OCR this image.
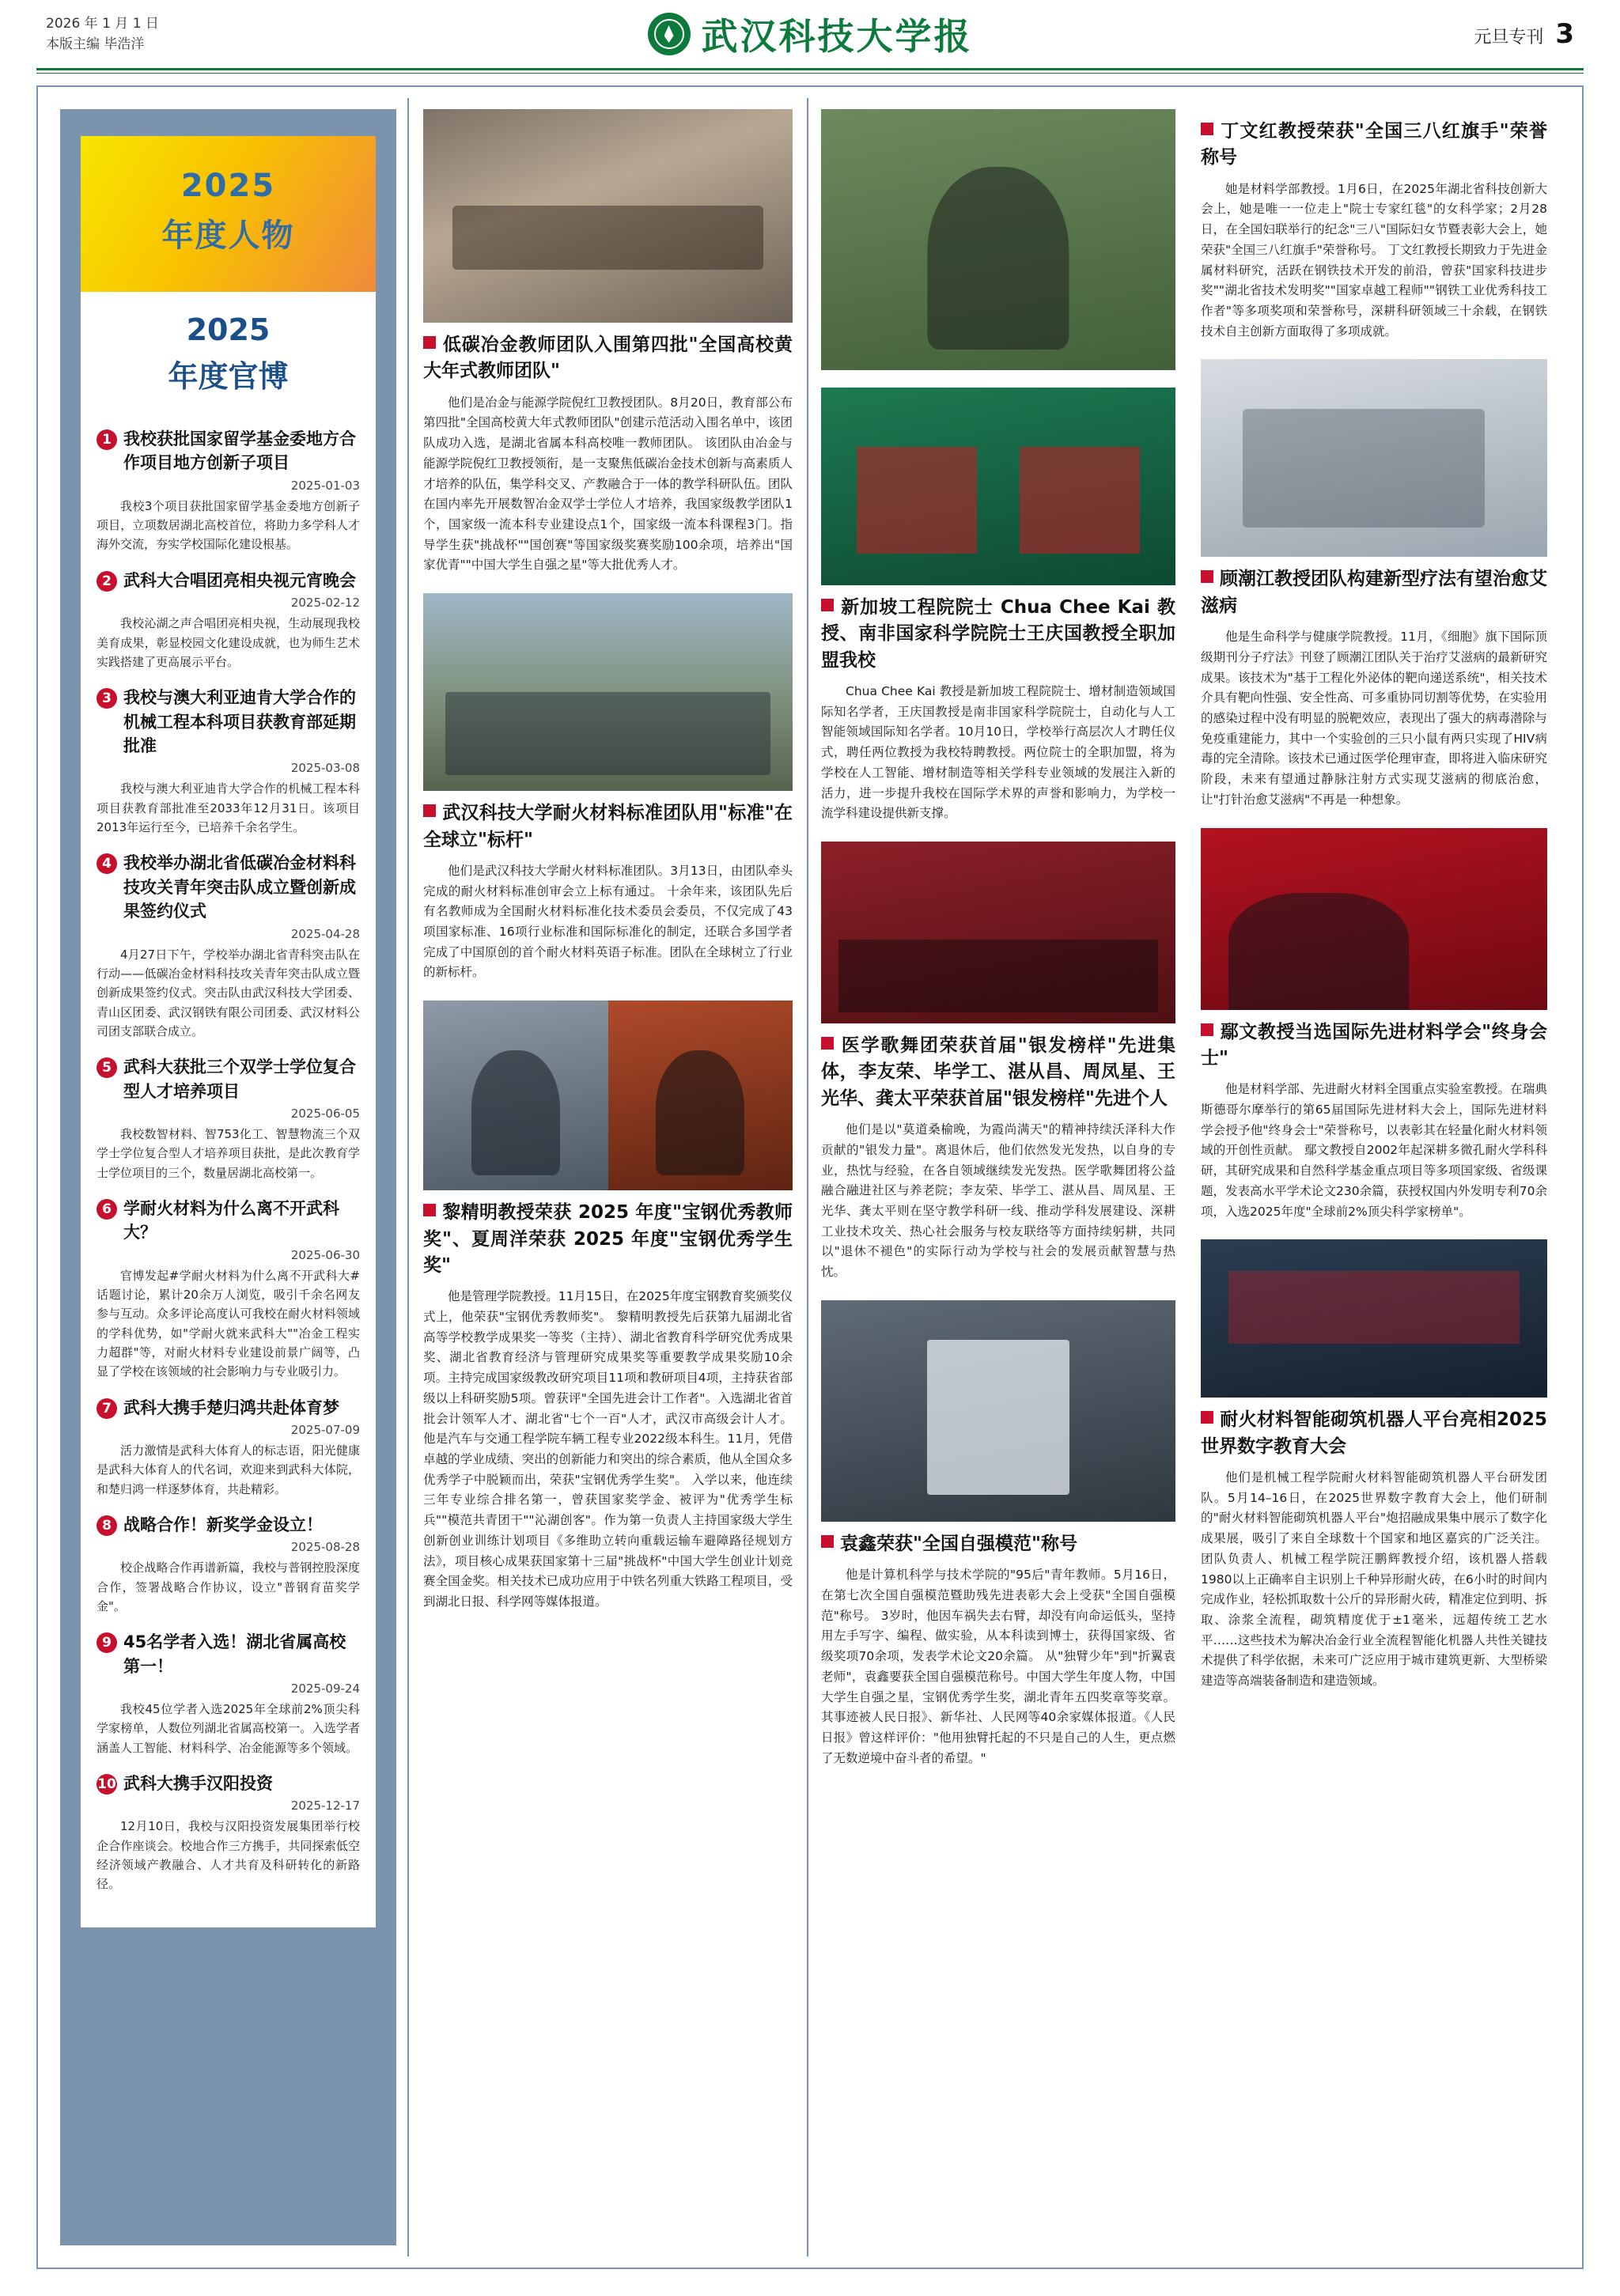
2026 年 1 月 1 日
本版主编 毕浩洋	武汉科技大学报	元旦专刊 3
2025
年度人物
2025
年度官博
1 我校获批国家留学基金委地方合作项目地方创新子项目
2025-01-03
我校3个项目获批国家留学基金委地方创新子项目，立项数居湖北高校首位，将助力多学科人才海外交流，夯实学校国际化建设根基。
2 武科大合唱团亮相央视元宵晚会
2025-02-12
我校沁湖之声合唱团亮相央视，生动展现我校美育成果，彰显校园文化建设成就，也为师生艺术实践搭建了更高展示平台。
3 我校与澳大利亚迪肯大学合作的机械工程本科项目获教育部延期批准
2025-03-08
我校与澳大利亚迪肯大学合作的机械工程本科项目获教育部批准至2033年12月31日。该项目2013年运行至今，已培养千余名学生。
4 我校举办湖北省低碳冶金材料科技攻关青年突击队成立暨创新成果签约仪式
2025-04-28
4月27日下午，学校举办湖北省青科突击队在行动——低碳冶金材料科技攻关青年突击队成立暨创新成果签约仪式。突击队由武汉科技大学团委、青山区团委、武汉钢铁有限公司团委、武汉材料公司团支部联合成立。
5 武科大获批三个双学士学位复合型人才培养项目
2025-06-05
我校数智材料、智753化工、智慧物流三个双学士学位复合型人才培养项目获批，是此次教育学士学位项目的三个，数量居湖北高校第一。
6 学耐火材料为什么离不开武科大？
2025-06-30
官博发起#学耐火材料为什么离不开武科大#话题讨论，累计20余万人浏览，吸引千余名网友参与互动。众多评论高度认可我校在耐火材料领域的学科优势，如"学耐火就来武科大""冶金工程实力超群"等，对耐火材料专业建设前景广阔等，凸显了学校在该领域的社会影响力与专业吸引力。
7 武科大携手楚归鸿共赴体育梦
2025-07-09
活力激情是武科大体育人的标志语，阳光健康是武科大体育人的代名词，欢迎来到武科大体院，和楚归鸿一样逐梦体育，共赴精彩。
8 战略合作！新奖学金设立！
2025-08-28
校企战略合作再谱新篇，我校与普钢控股深度合作，签署战略合作协议，设立"普钢育苗奖学金"。
9 45名学者入选！湖北省属高校第一！
2025-09-24
我校45位学者入选2025年全球前2%顶尖科学家榜单，人数位列湖北省属高校第一。入选学者涵盖人工智能、材料科学、冶金能源等多个领域。
10 武科大携手汉阳投资
2025-12-17
12月10日，我校与汉阳投资发展集团举行校企合作座谈会。校地合作三方携手，共同探索低空经济领域产教融合、人才共育及科研转化的新路径。
低碳冶金教师团队入围第四批"全国高校黄大年式教师团队"
他们是冶金与能源学院倪红卫教授团队。8月20日，教育部公布第四批"全国高校黄大年式教师团队"创建示范活动入围名单中，该团队成功入选，是湖北省属本科高校唯一教师团队。 该团队由冶金与能源学院倪红卫教授领衔，是一支聚焦低碳冶金技术创新与高素质人才培养的队伍，集学科交叉、产教融合于一体的教学科研队伍。团队在国内率先开展数智冶金双学士学位人才培养，我国家级教学团队1个，国家级一流本科专业建设点1个，国家级一流本科课程3门。指导学生获"挑战杯""国创赛"等国家级奖赛奖励100余项，培养出"国家优青""中国大学生自强之星"等大批优秀人才。
武汉科技大学耐火材料标准团队用"标准"在全球立"标杆"
他们是武汉科技大学耐火材料标准团队。3月13日，由团队牵头完成的耐火材料标准创审会立上标有通过。 十余年来，该团队先后有名教师成为全国耐火材料标准化技术委员会委员，不仅完成了43项国家标准、16项行业标准和国际标准化的制定，还联合多国学者完成了中国原创的首个耐火材料英语子标准。团队在全球树立了行业的新标杆。
黎精明教授荣获 2025 年度"宝钢优秀教师奖"、夏周洋荣获 2025 年度"宝钢优秀学生奖"
他是管理学院教授。11月15日，在2025年度宝钢教育奖颁奖仪式上，他荣获"宝钢优秀教师奖"。 黎精明教授先后获第九届湖北省高等学校教学成果奖一等奖（主持）、湖北省教育科学研究优秀成果奖、湖北省教育经济与管理研究成果奖等重要教学成果奖励10余项。主持完成国家级教改研究项目11项和教研项目4项，主持获省部级以上科研奖励5项。曾获评"全国先进会计工作者"。入选湖北省首批会计领军人才、湖北省"七个一百"人才，武汉市高级会计人才。 他是汽车与交通工程学院车辆工程专业2022级本科生。11月，凭借卓越的学业成绩、突出的创新能力和突出的综合素质，他从全国众多优秀学子中脱颖而出，荣获"宝钢优秀学生奖"。 入学以来，他连续三年专业综合排名第一，曾获国家奖学金、被评为"优秀学生标兵""模范共青团干""沁湖创客"。作为第一负责人主持国家级大学生创新创业训练计划项目《多维助立转向重载运输车避障路径规划方法》，项目核心成果获国家第十三届"挑战杯"中国大学生创业计划竞赛全国金奖。相关技术已成功应用于中铁名列重大铁路工程项目，受到湖北日报、科学网等媒体报道。
新加坡工程院院士 Chua Chee Kai 教授、南非国家科学院院士王庆国教授全职加盟我校
Chua Chee Kai 教授是新加坡工程院院士、增材制造领域国际知名学者，王庆国教授是南非国家科学院院士，自动化与人工智能领域国际知名学者。10月10日，学校举行高层次人才聘任仪式，聘任两位教授为我校特聘教授。两位院士的全职加盟，将为学校在人工智能、增材制造等相关学科专业领域的发展注入新的活力，进一步提升我校在国际学术界的声誉和影响力，为学校一流学科建设提供新支撑。
医学歌舞团荣获首届"银发榜样"先进集体，李友荣、毕学工、湛从昌、周凤星、王光华、龚太平荣获首届"银发榜样"先进个人
他们是以"莫道桑榆晚，为霞尚满天"的精神持续沃泽科大作贡献的"银发力量"。离退休后，他们依然发光发热，以自身的专业，热忱与经验，在各自领域继续发光发热。医学歌舞团将公益融合融进社区与养老院；李友荣、毕学工、湛从昌、周凤星、王光华、龚太平则在坚守教学科研一线、推动学科发展建设、深耕工业技术攻关、热心社会服务与校友联络等方面持续躬耕，共同以"退休不褪色"的实际行动为学校与社会的发展贡献智慧与热忱。
袁鑫荣获"全国自强模范"称号
他是计算机科学与技术学院的"95后"青年教师。5月16日，在第七次全国自强模范暨助残先进表彰大会上受获"全国自强模范"称号。 3岁时，他因车祸失去右臂，却没有向命运低头，坚持用左手写字、编程、做实验，从本科读到博士，获得国家级、省级奖项70余项，发表学术论文20余篇。 从"独臂少年"到"折翼袁老师"，袁鑫要获全国自强模范称号。中国大学生年度人物，中国大学生自强之星，宝钢优秀学生奖，湖北青年五四奖章等奖章。其事迹被人民日报》、新华社、人民网等40余家媒体报道。《人民日报》曾这样评价："他用独臂托起的不只是自己的人生，更点燃了无数逆境中奋斗者的希望。"
丁文红教授荣获"全国三八红旗手"荣誉称号
她是材料学部教授。1月6日，在2025年湖北省科技创新大会上，她是唯一一位走上"院士专家红毯"的女科学家；2月28日，在全国妇联举行的纪念"三八"国际妇女节暨表彰大会上，她荣获"全国三八红旗手"荣誉称号。 丁文红教授长期致力于先进金属材料研究，活跃在钢铁技术开发的前沿，曾获"国家科技进步奖""湖北省技术发明奖""国家卓越工程师""钢铁工业优秀科技工作者"等多项奖项和荣誉称号，深耕科研领域三十余载，在钢铁技术自主创新方面取得了多项成就。
顾潮江教授团队构建新型疗法有望治愈艾滋病
他是生命科学与健康学院教授。11月，《细胞》旗下国际顶级期刊分子疗法》刊登了顾潮江团队关于治疗艾滋病的最新研究成果。该技术为"基于工程化外泌体的靶向递送系统"，相关技术介具有靶向性强、安全性高、可多重协同切割等优势，在实验用的感染过程中没有明显的脱靶效应，表现出了强大的病毒潜除与免疫重建能力，其中一个实验创的三只小鼠有两只实现了HIV病毒的完全清除。该技术已通过医学伦理审查，即将进入临床研究阶段，未来有望通过静脉注射方式实现艾滋病的彻底治愈，让"打针治愈艾滋病"不再是一种想象。
鄢文教授当选国际先进材料学会"终身会士"
他是材料学部、先进耐火材料全国重点实验室教授。在瑞典斯德哥尔摩举行的第65届国际先进材料大会上，国际先进材料学会授予他"终身会士"荣誉称号，以表彰其在轻量化耐火材料领域的开创性贡献。 鄢文教授自2002年起深耕多微孔耐火学科科研，其研究成果和自然科学基金重点项目等多项国家级、省级课题，发表高水平学术论文230余篇，获授权国内外发明专利70余项，入选2025年度"全球前2%顶尖科学家榜单"。
耐火材料智能砌筑机器人平台亮相2025世界数字教育大会
他们是机械工程学院耐火材料智能砌筑机器人平台研发团队。5月14–16日，在2025世界数字教育大会上，他们研制的"耐火材料智能砌筑机器人平台"炮招融成果集中展示了数字化成果展，吸引了来自全球数十个国家和地区嘉宾的广泛关注。 团队负责人、机械工程学院汪鹏辉教授介绍，该机器人搭载1980以上正确率自主识别上千种异形耐火砖，在6小时的时间内完成作业，轻松抓取数十公斤的异形耐火砖，精准定位到明、拆取、涂浆全流程，砌筑精度优于±1毫米，远超传统工艺水平……这些技术为解决冶金行业全流程智能化机器人共性关键技术提供了科学依据，未来可广泛应用于城市建筑更新、大型桥梁建造等高端装备制造和建造领域。
